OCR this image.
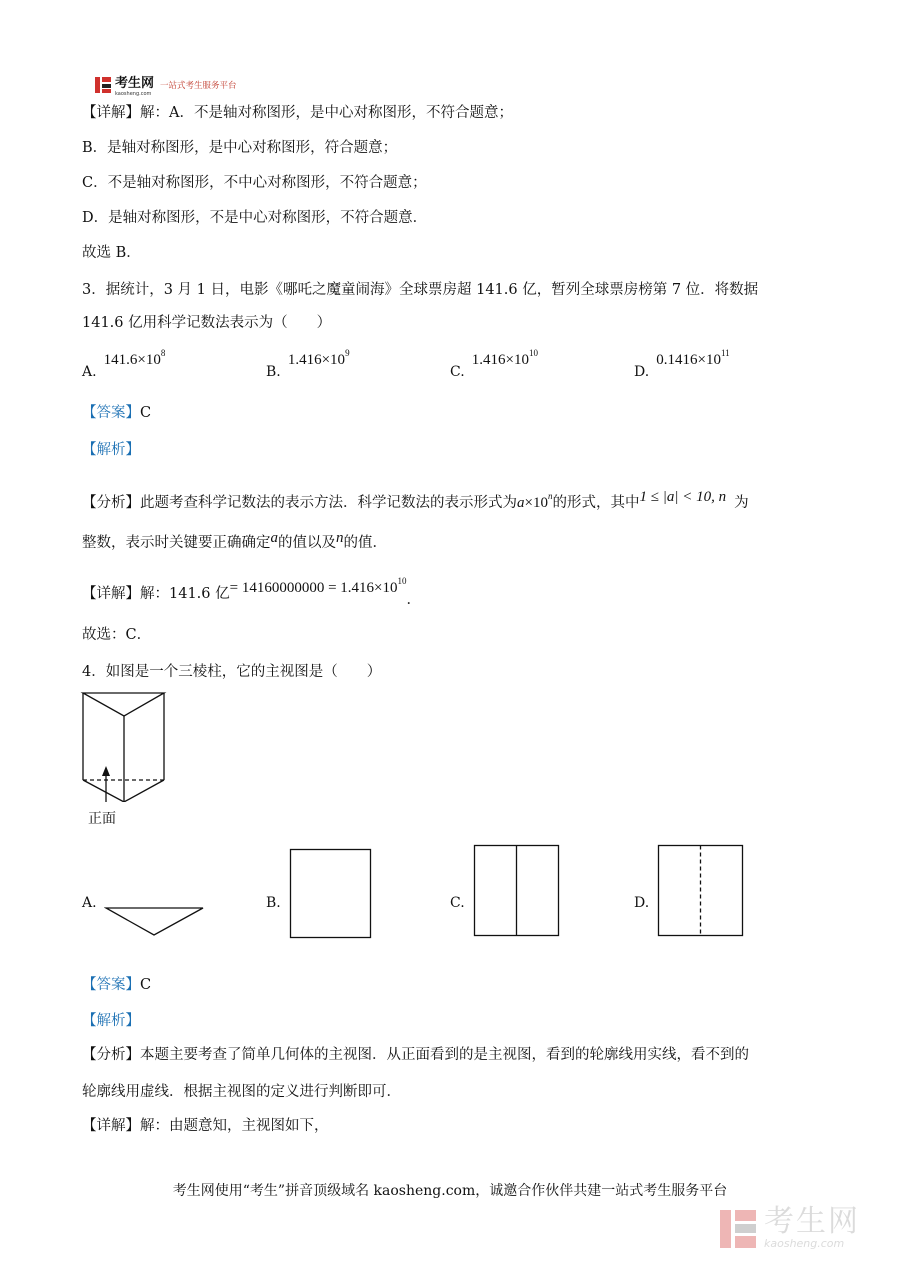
考生网
kaosheng.com
一站式考生服务平台
【详解】解：A．不是轴对称图形，是中心对称图形，不符合题意；
B．是轴对称图形，是中心对称图形，符合题意；
C．不是轴对称图形，不中心对称图形，不符合题意；
D．是轴对称图形，不是中心对称图形，不符合题意．
故选 B．
3．据统计，3 月 1 日，电影《哪吒之魔童闹海》全球票房超 141.6 亿，暂列全球票房榜第 7 位．将数据
141.6 亿用科学记数法表示为（　　）
A. $141.6\times 10^8$
B. $1.416\times 10^9$
C. $1.416\times 10^{10}$
D. $0.1416\times 10^{11}$
【答案】C
【解析】
【分析】此题考查科学记数法的表示方法．科学记数法的表示形式为$a\times 10^n$的形式，其中1 ≤ |a| < 10, n 为
整数，表示时关键要正确确定a的值以及n的值．
【详解】解：141.6 亿= $14160000000 = 1.416\times 10^{10}$．
故选：C．
4．如图是一个三棱柱，它的主视图是（　　）
正面
A.	B.	C.	D.
【答案】C
【解析】
【分析】本题主要考查了简单几何体的主视图．从正面看到的是主视图，看到的轮廓线用实线，看不到的
轮廓线用虚线．根据主视图的定义进行判断即可．
【详解】解：由题意知，主视图如下，
考生网使用“考生”拼音顶级域名 kaosheng.com，诚邀合作伙伴共建一站式考生服务平台
考生网
kaosheng.com
